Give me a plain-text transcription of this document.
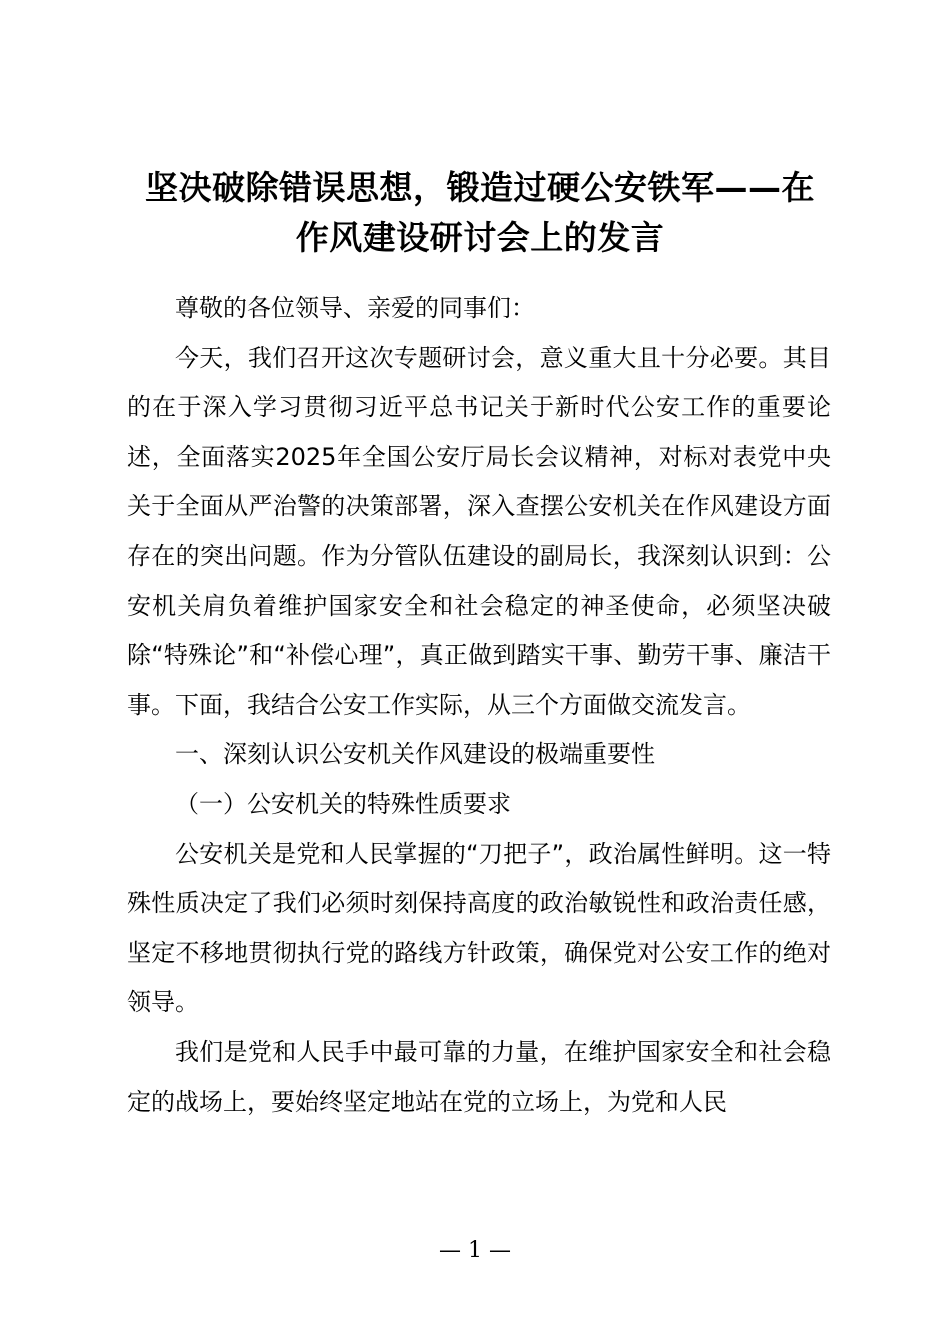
坚决破除错误思想，锻造过硬公安铁军——在
作风建设研讨会上的发言

尊敬的各位领导、亲爱的同事们：

今天，我们召开这次专题研讨会，意义重大且十分必要。其目的在于深入学习贯彻习近平总书记关于新时代公安工作的重要论述，全面落实2025年全国公安厅局长会议精神，对标对表党中央关于全面从严治警的决策部署，深入查摆公安机关在作风建设方面存在的突出问题。作为分管队伍建设的副局长，我深刻认识到：公安机关肩负着维护国家安全和社会稳定的神圣使命，必须坚决破除“特殊论”和“补偿心理”，真正做到踏实干事、勤劳干事、廉洁干事。下面，我结合公安工作实际，从三个方面做交流发言。

一、深刻认识公安机关作风建设的极端重要性

（一）公安机关的特殊性质要求

公安机关是党和人民掌握的“刀把子”，政治属性鲜明。这一特殊性质决定了我们必须时刻保持高度的政治敏锐性和政治责任感，坚定不移地贯彻执行党的路线方针政策，确保党对公安工作的绝对领导。

我们是党和人民手中最可靠的力量，在维护国家安全和社会稳定的战场上，要始终坚定地站在党的立场上，为党和人民

— 1 —
